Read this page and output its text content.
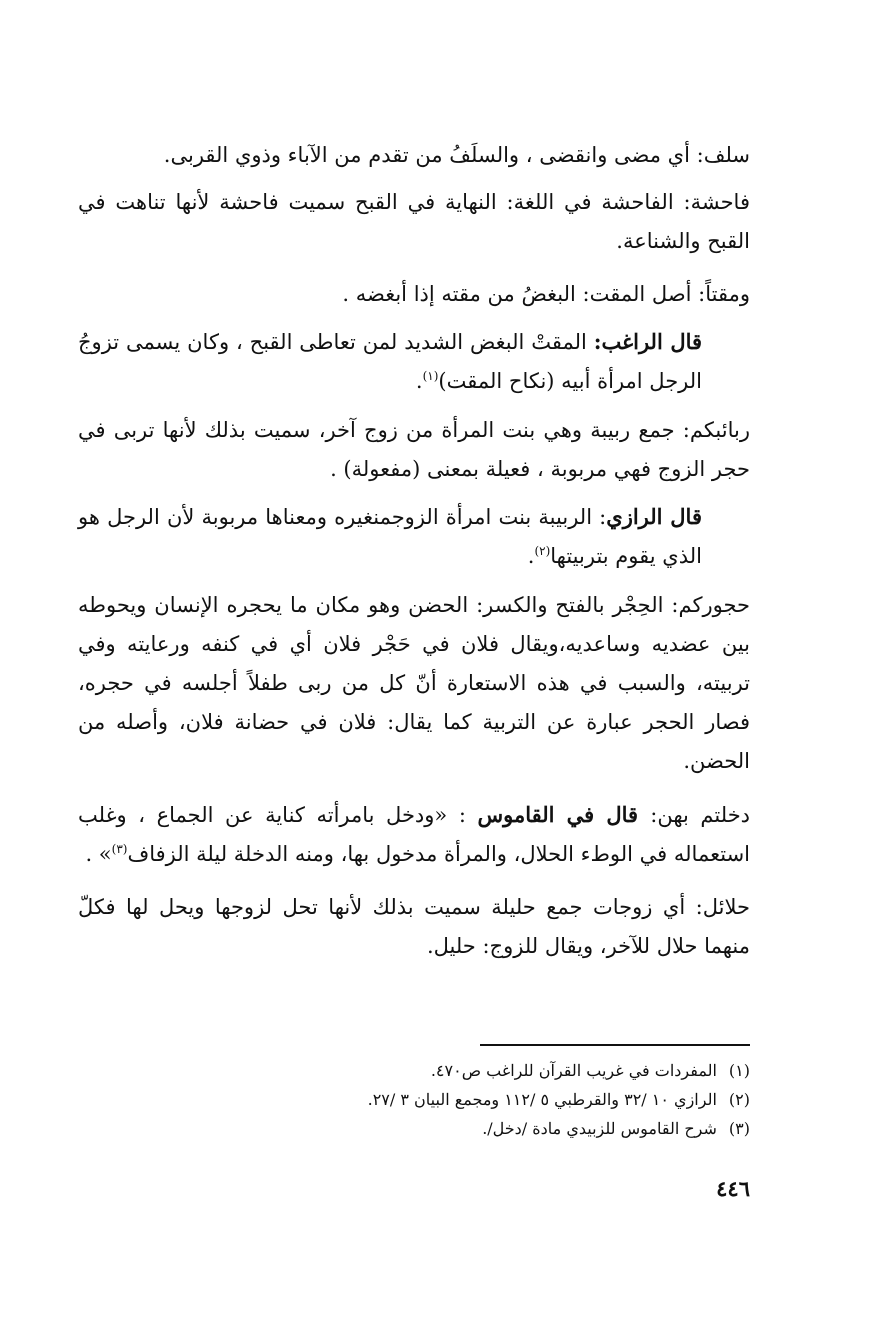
سلف: أي مضى وانقضى ، والسلَفُ من تقدم من الآباء وذوي القربى.

فاحشة: الفاحشة في اللغة: النهاية في القبح سميت فاحشة لأنها تناهت في القبح والشناعة.

ومقتاً: أصل المقت: البغضُ من مقته إذا أبغضه .

قال الراغب: المقتْ البغض الشديد لمن تعاطى القبح ، وكان يسمى تزوجُ الرجل امرأة أبيه (نكاح المقت)$^{(١)}$.

ربائبكم: جمع ربيبة وهي بنت المرأة من زوج آخر، سميت بذلك لأنها تربى في حجر الزوج فهي مربوبة ، فعيلة بمعنى (مفعولة) .

قال الرازي: الربيبة بنت امرأة الزوجمنغيره ومعناها مربوبة لأن الرجل هو الذي يقوم بتربيتها$^{(٢)}$.

حجوركم: الحِجْر بالفتح والكسر: الحضن وهو مكان ما يحجره الإنسان ويحوطه بين عضديه وساعديه،ويقال فلان في حَجْر فلان أي في كنفه ورعايته وفي تربيته، والسبب في هذه الاستعارة أنّ كل من ربى طفلاً أجلسه في حجره، فصار الحجر عبارة عن التربية كما يقال: فلان في حضانة فلان، وأصله من الحضن.

دخلتم بهن: قال في القاموس : «ودخل بامرأته كناية عن الجماع ، وغلب استعماله في الوطء الحلال، والمرأة مدخول بها، ومنه الدخلة ليلة الزفاف$^{(٣)}$» .

حلائل: أي زوجات جمع حليلة سميت بذلك لأنها تحل لزوجها ويحل لها فكلّ منهما حلال للآخر، ويقال للزوج: حليل.

(١) المفردات في غريب القرآن للراغب ص٤٧٠.
(٢) الرازي ١٠ /٣٢ والقرطبي ٥ /١١٢ ومجمع البيان ٣ /٢٧.
(٣) شرح القاموس للزبيدي مادة /دخل/.
٤٤٦
